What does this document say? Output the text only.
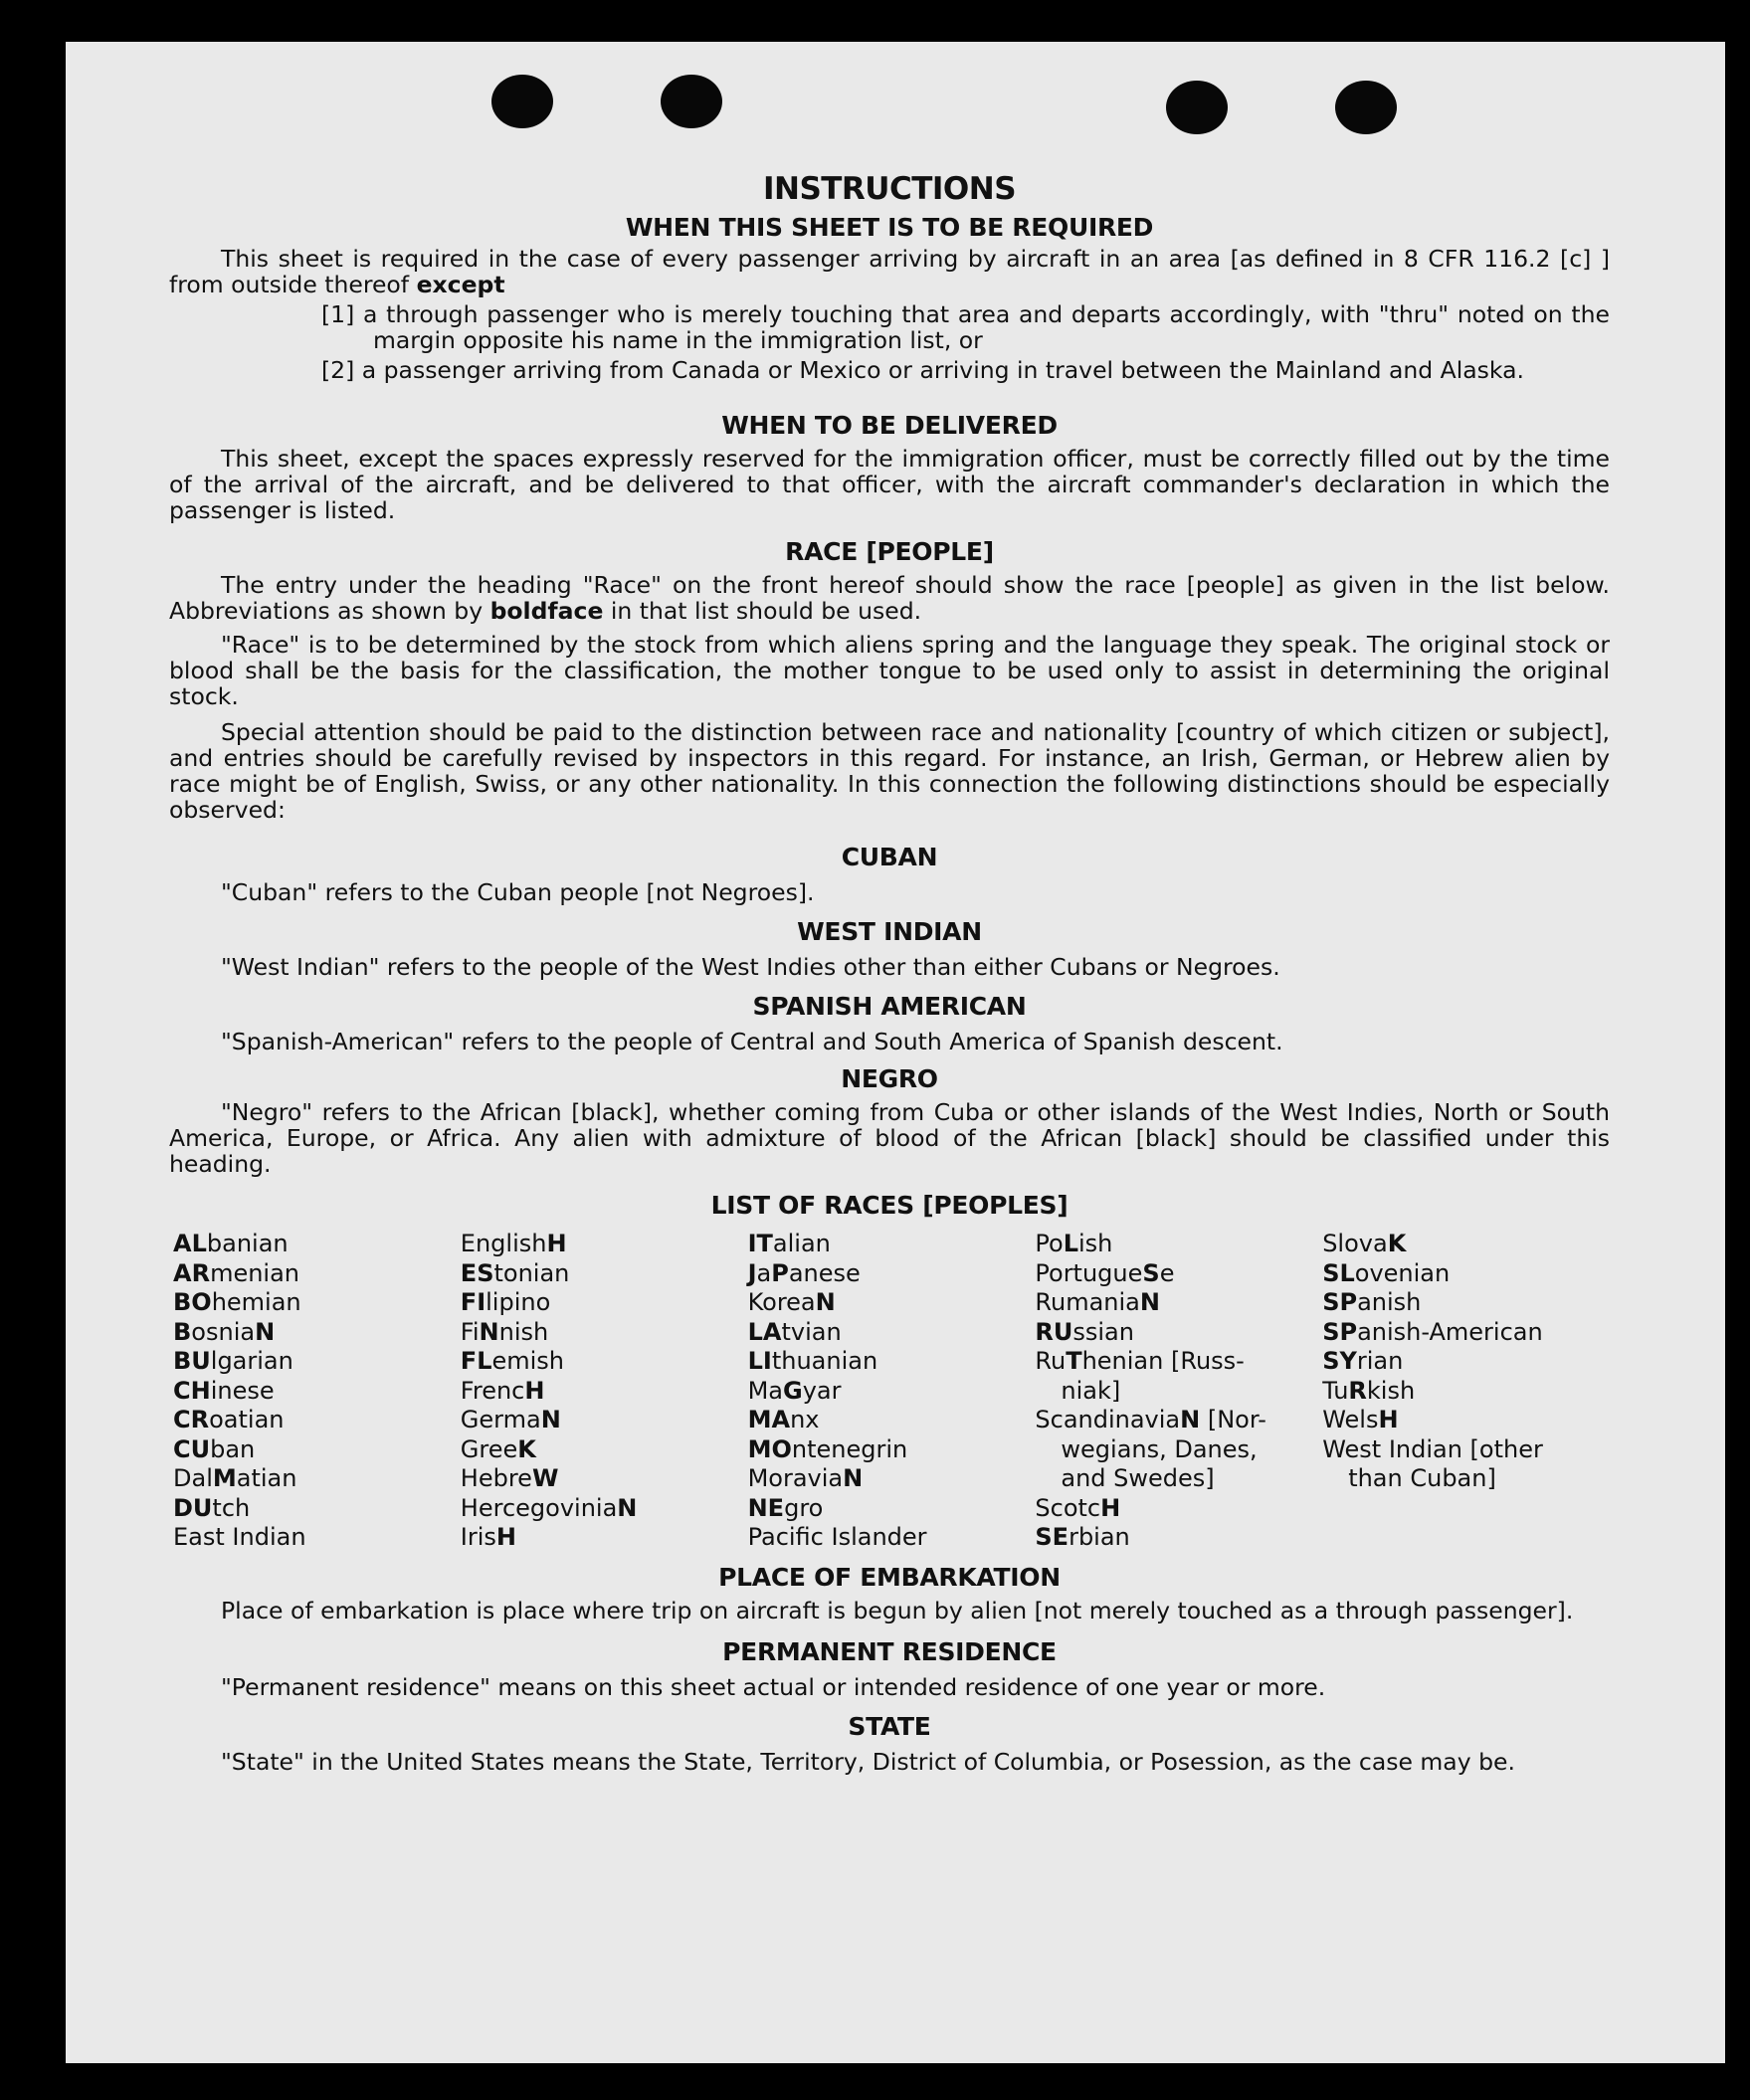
INSTRUCTIONS
WHEN THIS SHEET IS TO BE REQUIRED

This sheet is required in the case of every passenger arriving by aircraft in an area [as defined in 8 CFR 116.2 [c] ] from outside thereof except

[1] a through passenger who is merely touching that area and departs accordingly, with "thru" noted on the margin opposite his name in the immigration list, or

[2] a passenger arriving from Canada or Mexico or arriving in travel between the Mainland and Alaska.

WHEN TO BE DELIVERED

This sheet, except the spaces expressly reserved for the immigration officer, must be correctly filled out by the time of the arrival of the aircraft, and be delivered to that officer, with the aircraft commander's declaration in which the passenger is listed.

RACE [PEOPLE]

The entry under the heading "Race" on the front hereof should show the race [people] as given in the list below. Abbreviations as shown by boldface in that list should be used.

"Race" is to be determined by the stock from which aliens spring and the language they speak. The original stock or blood shall be the basis for the classification, the mother tongue to be used only to assist in determining the original stock.

Special attention should be paid to the distinction between race and nationality [country of which citizen or subject], and entries should be carefully revised by inspectors in this regard. For instance, an Irish, German, or Hebrew alien by race might be of English, Swiss, or any other nationality. In this connection the following distinctions should be especially observed:

CUBAN

"Cuban" refers to the Cuban people [not Negroes].

WEST INDIAN

"West Indian" refers to the people of the West Indies other than either Cubans or Negroes.

SPANISH AMERICAN

"Spanish-American" refers to the people of Central and South America of Spanish descent.

NEGRO

"Negro" refers to the African [black], whether coming from Cuba or other islands of the West Indies, North or South America, Europe, or Africa. Any alien with admixture of blood of the African [black] should be classified under this heading.

LIST OF RACES [PEOPLES]
ALbanian
ARmenian
BOhemian
BosniaN
BUlgarian
CHinese
CRoatian
CUban
DalMatian
DUtch
East Indian
EnglishH
EStonian
FIlipino
FiNnish
FLemish
FrencH
GermaN
GreeK
HebreW
HercegoviniaN
IrisH
ITalian
JaPanese
KoreaN
LAtvian
LIthuanian
MaGyar
MAnx
MOntenegrin
MoraviaN
NEgro
Pacific Islander
PoLish
PortugueSe
RumaniaN
RUssian
RuThenian [Russ-
niak]
ScandinaviaN [Nor-
wegians, Danes,
and Swedes]
ScotcH
SErbian
SlovaK
SLovenian
SPanish
SPanish-American
SYrian
TuRkish
WelsH
West Indian [other
than Cuban]
PLACE OF EMBARKATION

Place of embarkation is place where trip on aircraft is begun by alien [not merely touched as a through passenger].

PERMANENT RESIDENCE

"Permanent residence" means on this sheet actual or intended residence of one year or more.

STATE

"State" in the United States means the State, Territory, District of Columbia, or Posession, as the case may be.
